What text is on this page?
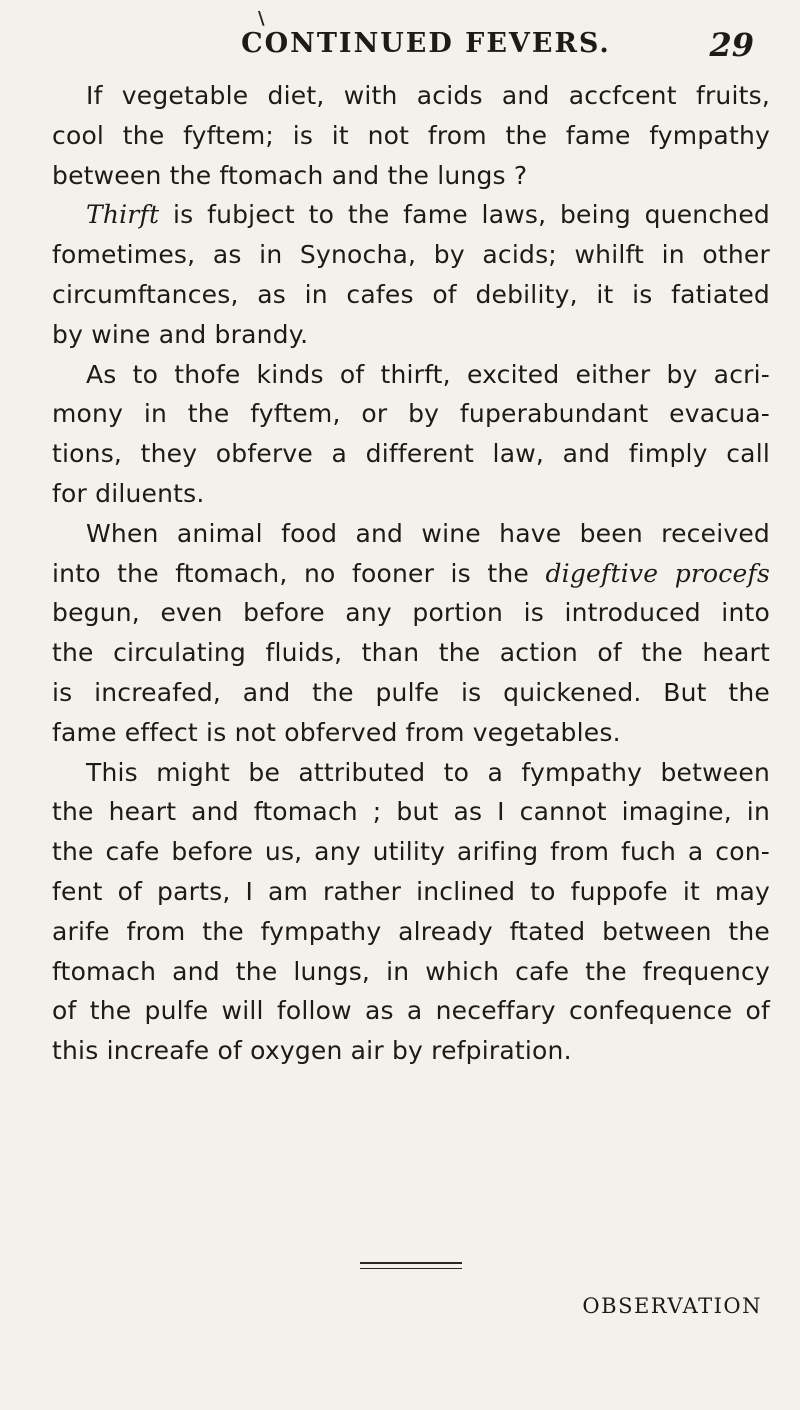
\
CONTINUED FEVERS.	29
If vegetable diet, with acids and accfcent fruits,
cool the fyftem; is it not from the fame fympathy
between the ftomach and the lungs ?
Thirft is fubject to the fame laws, being quenched
fometimes, as in Synocha, by acids; whilft in other
circumftances, as in cafes of debility, it is fatiated
by wine and brandy.
As to thofe kinds of thirft, excited either by acri-
mony in the fyftem, or by fuperabundant evacua-
tions, they obferve a different law, and fimply call
for diluents.
When animal food and wine have been received
into the ftomach, no fooner is the digeftive procefs
begun, even before any portion is introduced into
the circulating fluids, than the action of the heart
is increafed, and the pulfe is quickened. But the
fame effect is not obferved from vegetables.
This might be attributed to a fympathy between
the heart and ftomach ; but as I cannot imagine, in
the cafe before us, any utility arifing from fuch a con-
fent of parts, I am rather inclined to fuppofe it may
arife from the fympathy already ftated between the
ftomach and the lungs, in which cafe the frequency
of the pulfe will follow as a neceffary confequence of
this increafe of oxygen air by refpiration.
OBSERVATION
